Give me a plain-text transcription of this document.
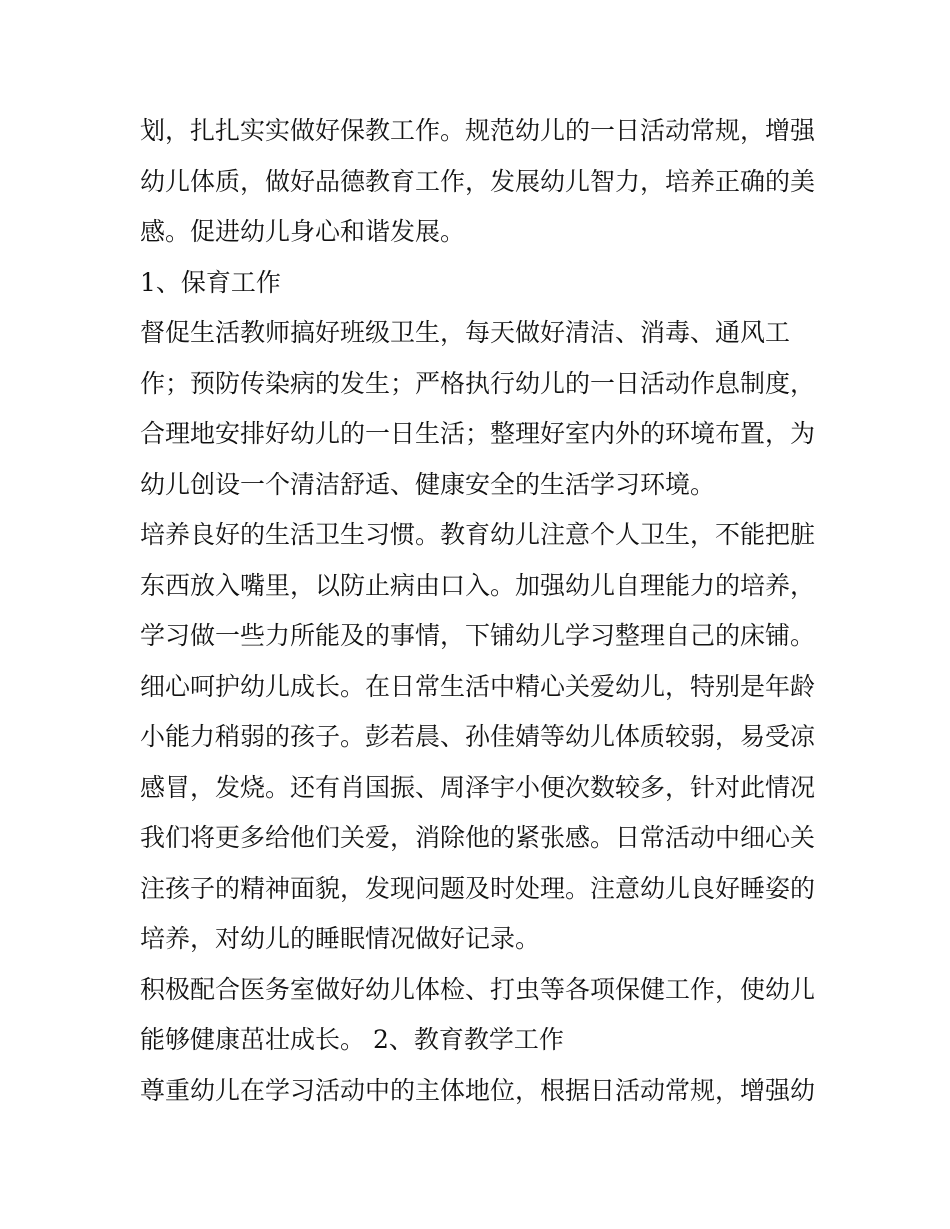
划，扎扎实实做好保教工作。规范幼儿的一日活动常规，增强
幼儿体质，做好品德教育工作，发展幼儿智力，培养正确的美
感。促进幼儿身心和谐发展。
1、保育工作
督促生活教师搞好班级卫生，每天做好清洁、消毒、通风工
作；预防传染病的发生；严格执行幼儿的一日活动作息制度，
合理地安排好幼儿的一日生活；整理好室内外的环境布置，为
幼儿创设一个清洁舒适、健康安全的生活学习环境。
培养良好的生活卫生习惯。教育幼儿注意个人卫生，不能把脏
东西放入嘴里，以防止病由口入。加强幼儿自理能力的培养，
学习做一些力所能及的事情，下铺幼儿学习整理自己的床铺。
细心呵护幼儿成长。在日常生活中精心关爱幼儿，特别是年龄
小能力稍弱的孩子。彭若晨、孙佳婧等幼儿体质较弱，易受凉
感冒，发烧。还有肖国振、周泽宇小便次数较多，针对此情况
我们将更多给他们关爱，消除他的紧张感。日常活动中细心关
注孩子的精神面貌，发现问题及时处理。注意幼儿良好睡姿的
培养，对幼儿的睡眠情况做好记录。
积极配合医务室做好幼儿体检、打虫等各项保健工作，使幼儿
能够健康茁壮成长。 2、教育教学工作
尊重幼儿在学习活动中的主体地位，根据日活动常规，增强幼
